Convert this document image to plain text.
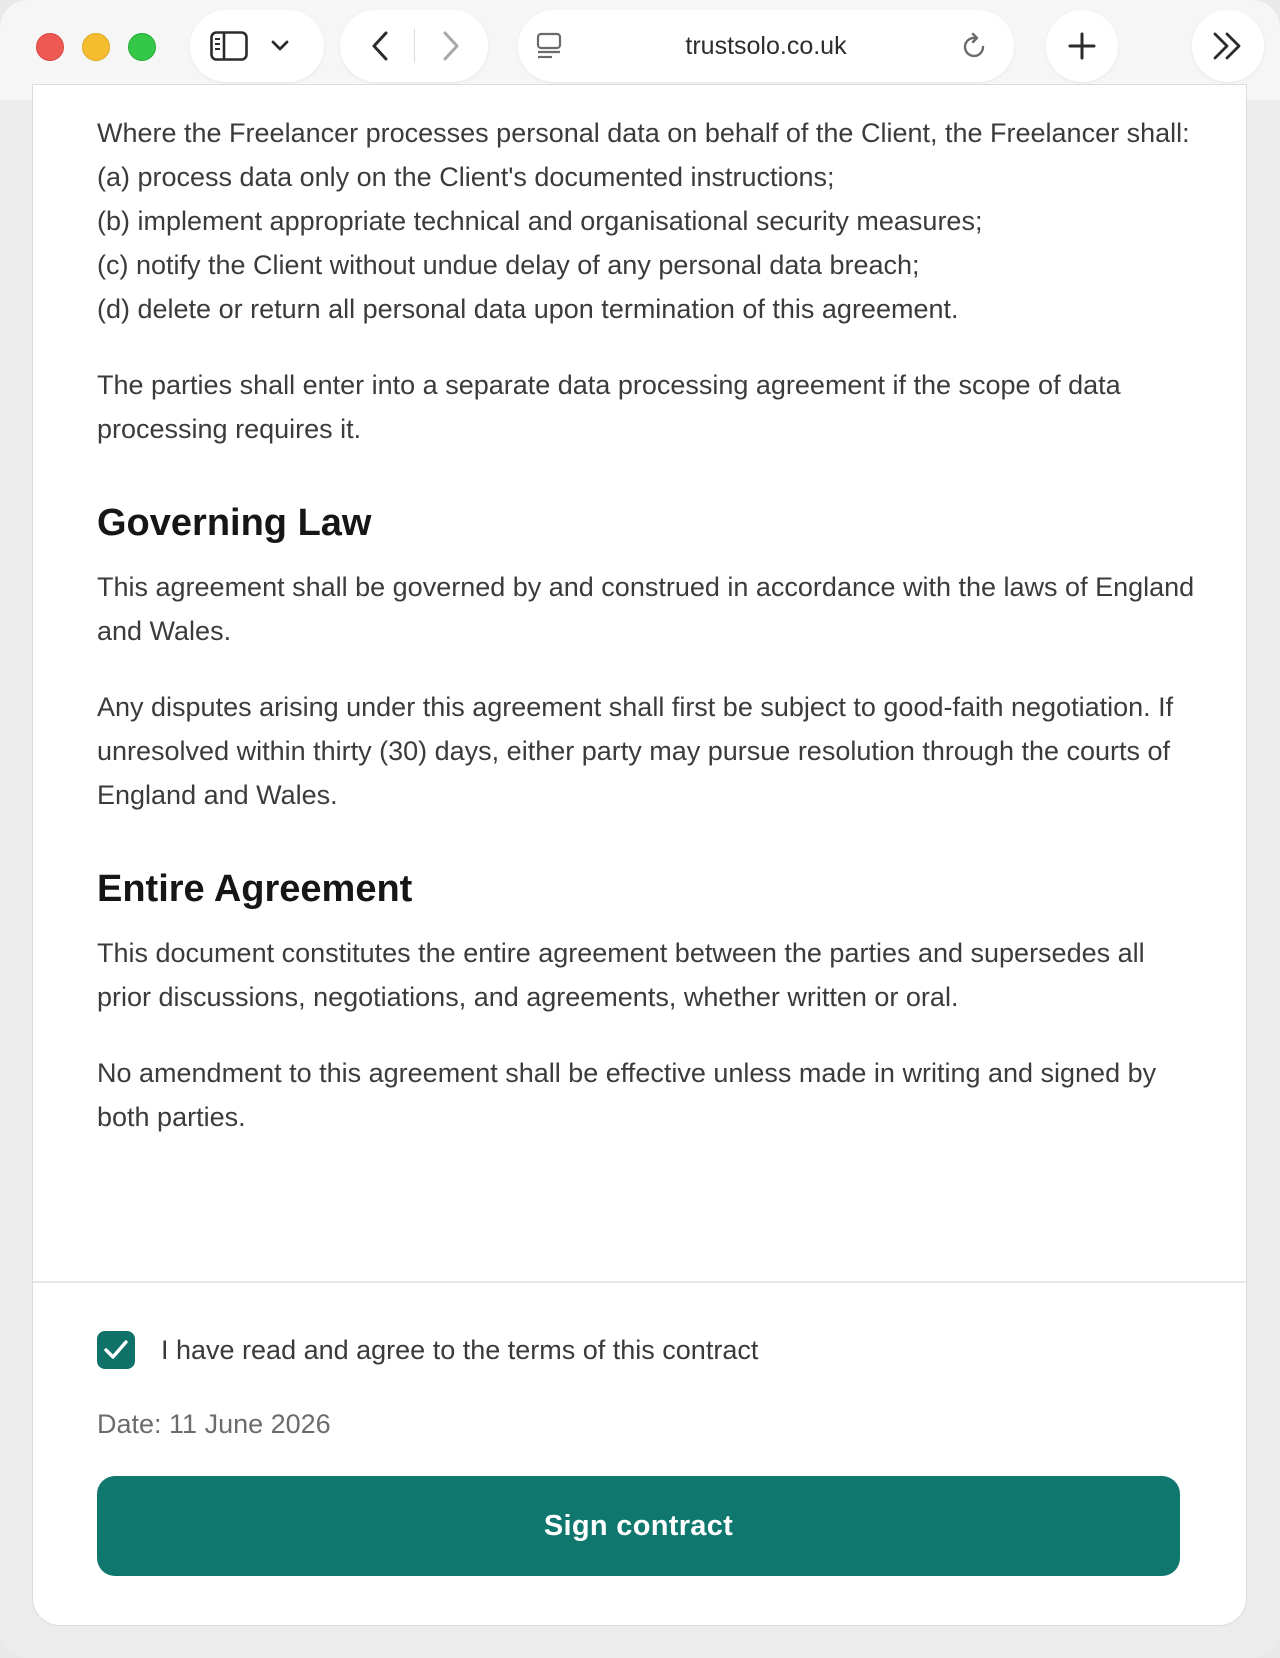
trustsolo.co.uk
Where the Freelancer processes personal data on behalf of the Client, the Freelancer shall:
(a) process data only on the Client's documented instructions;
(b) implement appropriate technical and organisational security measures;
(c) notify the Client without undue delay of any personal data breach;
(d) delete or return all personal data upon termination of this agreement.
The parties shall enter into a separate data processing agreement if the scope of data processing requires it.
Governing Law
This agreement shall be governed by and construed in accordance with the laws of England and Wales.
Any disputes arising under this agreement shall first be subject to good-faith negotiation. If unresolved within thirty (30) days, either party may pursue resolution through the courts of England and Wales.
Entire Agreement
This document constitutes the entire agreement between the parties and supersedes all prior discussions, negotiations, and agreements, whether written or oral.
No amendment to this agreement shall be effective unless made in writing and signed by both parties.
I have read and agree to the terms of this contract
Date: 11 June 2026
Sign contract
